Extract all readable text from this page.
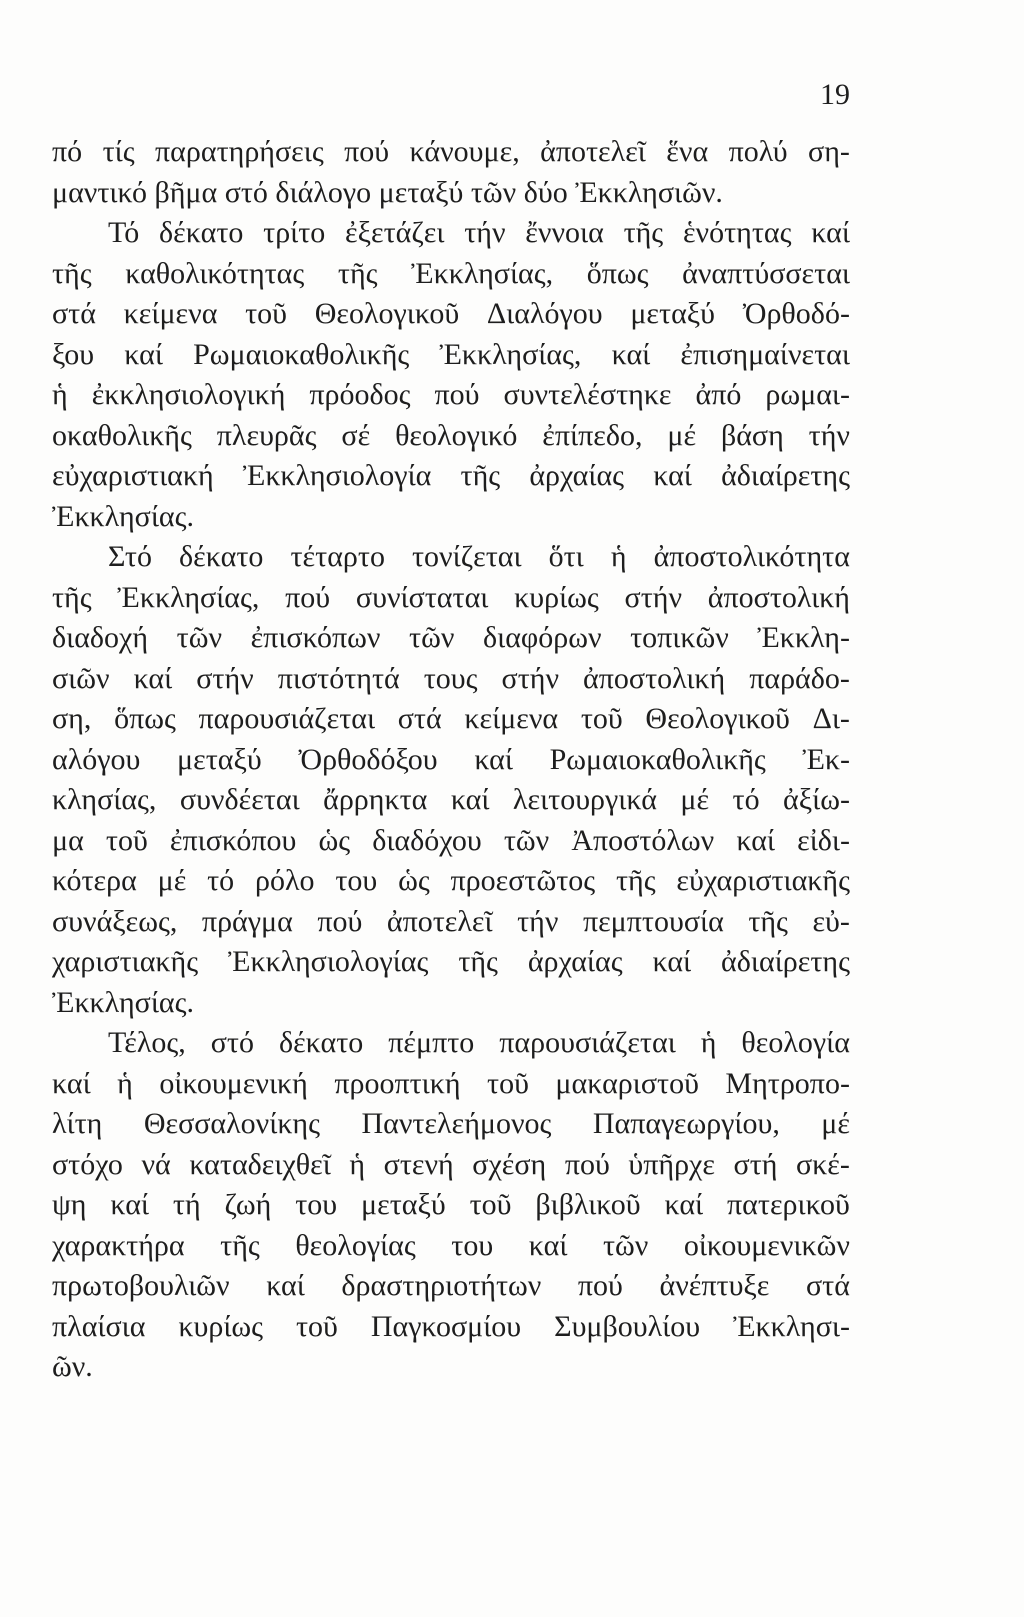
19
πό τίς παρατηρήσεις πού κάνουμε, ἀποτελεῖ ἕνα πολύ ση-
μαντικό βῆμα στό διάλογο μεταξύ τῶν δύο Ἐκκλησιῶν.
Τό δέκατο τρίτο ἐξετάζει τήν ἔννοια τῆς ἑνότητας καί
τῆς καθολικότητας τῆς Ἐκκλησίας, ὅπως ἀναπτύσσεται
στά κείμενα τοῦ Θεολογικοῦ Διαλόγου μεταξύ Ὀρθοδό-
ξου καί Ρωμαιοκαθολικῆς Ἐκκλησίας, καί ἐπισημαίνεται
ἡ ἐκκλησιολογική πρόοδος πού συντελέστηκε ἀπό ρωμαι-
οκαθολικῆς πλευρᾶς σέ θεολογικό ἐπίπεδο, μέ βάση τήν
εὐχαριστιακή Ἐκκλησιολογία τῆς ἀρχαίας καί ἀδιαίρετης
Ἐκκλησίας.
Στό δέκατο τέταρτο τονίζεται ὅτι ἡ ἀποστολικότητα
τῆς Ἐκκλησίας, πού συνίσταται κυρίως στήν ἀποστολική
διαδοχή τῶν ἐπισκόπων τῶν διαφόρων τοπικῶν Ἐκκλη-
σιῶν καί στήν πιστότητά τους στήν ἀποστολική παράδο-
ση, ὅπως παρουσιάζεται στά κείμενα τοῦ Θεολογικοῦ Δι-
αλόγου μεταξύ Ὀρθοδόξου καί Ρωμαιοκαθολικῆς Ἐκ-
κλησίας, συνδέεται ἄρρηκτα καί λειτουργικά μέ τό ἀξίω-
μα τοῦ ἐπισκόπου ὡς διαδόχου τῶν Ἀποστόλων καί εἰδι-
κότερα μέ τό ρόλο του ὡς προεστῶτος τῆς εὐχαριστιακῆς
συνάξεως, πράγμα πού ἀποτελεῖ τήν πεμπτουσία τῆς εὐ-
χαριστιακῆς Ἐκκλησιολογίας τῆς ἀρχαίας καί ἀδιαίρετης
Ἐκκλησίας.
Τέλος, στό δέκατο πέμπτο παρουσιάζεται ἡ θεολογία
καί ἡ οἰκουμενική προοπτική τοῦ μακαριστοῦ Μητροπο-
λίτη Θεσσαλονίκης Παντελεήμονος Παπαγεωργίου, μέ
στόχο νά καταδειχθεῖ ἡ στενή σχέση πού ὑπῆρχε στή σκέ-
ψη καί τή ζωή του μεταξύ τοῦ βιβλικοῦ καί πατερικοῦ
χαρακτήρα τῆς θεολογίας του καί τῶν οἰκουμενικῶν
πρωτοβουλιῶν καί δραστηριοτήτων πού ἀνέπτυξε στά
πλαίσια κυρίως τοῦ Παγκοσμίου Συμβουλίου Ἐκκλησι-
ῶν.
